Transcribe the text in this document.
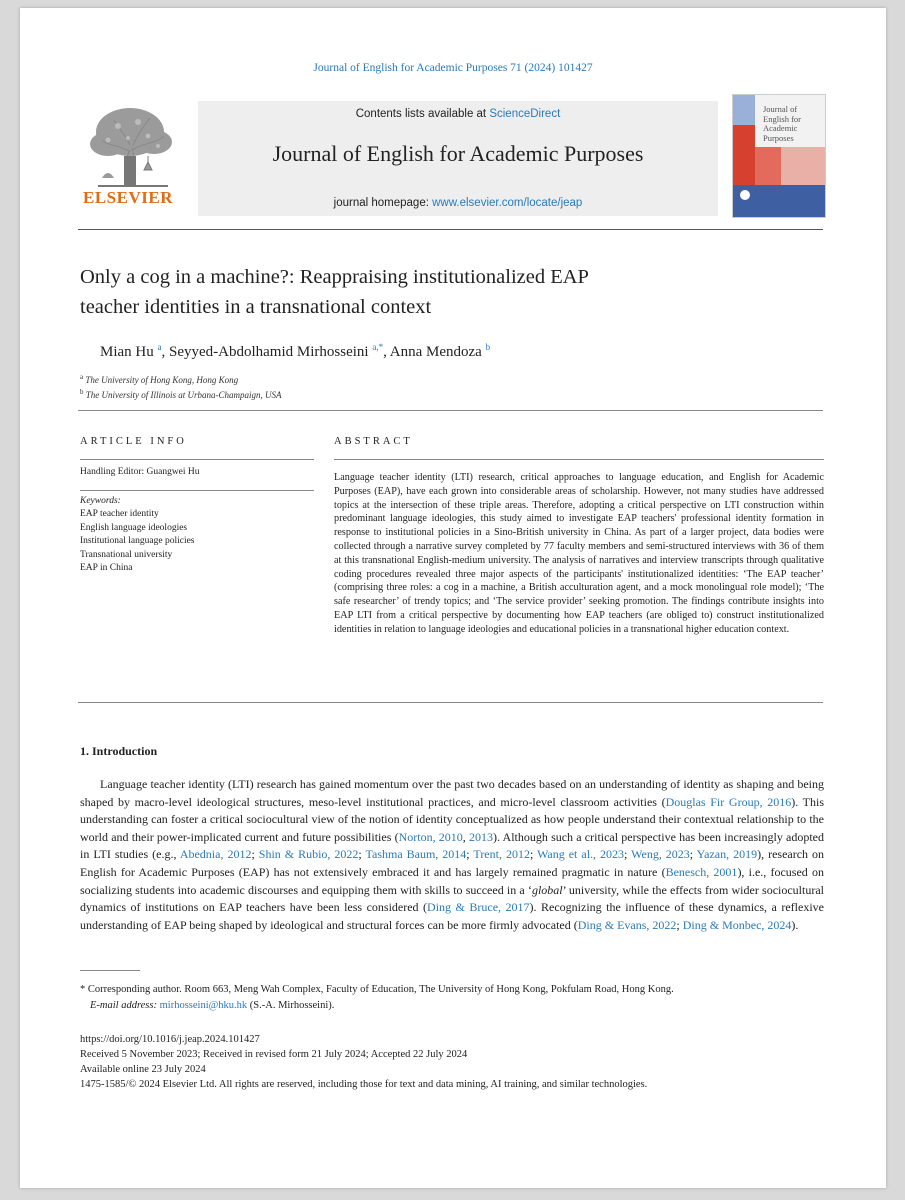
Journal of English for Academic Purposes 71 (2024) 101427
ELSEVIER
Contents lists available at ScienceDirect
Journal of English for Academic Purposes
journal homepage: www.elsevier.com/locate/jeap
Journal of
English for
Academic
Purposes
Only a cog in a machine?: Reappraising institutionalized EAP
teacher identities in a transnational context
Mian Hu $^a$, Seyyed-Abdolhamid Mirhosseini $^{a,*}$, Anna Mendoza $^b$
$^a$ The University of Hong Kong, Hong Kong
$^b$ The University of Illinois at Urbana-Champaign, USA
ARTICLE INFO
Handling Editor: Guangwei Hu
Keywords:
EAP teacher identity
English language ideologies
Institutional language policies
Transnational university
EAP in China
ABSTRACT
Language teacher identity (LTI) research, critical approaches to language education, and English for Academic Purposes (EAP), have each grown into considerable areas of scholarship. However, not many studies have addressed topics at the intersection of these triple areas. Therefore, adopting a critical perspective on LTI construction within predominant language ideologies, this study aimed to investigate EAP teachers' professional identity formation in response to institutional policies in a Sino-British university in China. As part of a larger project, data bodies were collected through a narrative survey completed by 77 faculty members and semi-structured interviews with 36 of them at this transnational English-medium university. The analysis of narratives and interview transcripts through qualitative coding procedures revealed three major aspects of the participants' institutionalized identities: ‘The EAP teacher’ (comprising three roles: a cog in a machine, a British acculturation agent, and a mock monolingual role model); ‘The safe researcher’ of trendy topics; and ‘The service provider’ seeking promotion. The findings contribute insights into EAP LTI from a critical perspective by documenting how EAP teachers (are obliged to) construct institutionalized identities in relation to language ideologies and educational policies in a transnational higher education context.
1. Introduction
Language teacher identity (LTI) research has gained momentum over the past two decades based on an understanding of identity as shaping and being shaped by macro-level ideological structures, meso-level institutional practices, and micro-level classroom activities (Douglas Fir Group, 2016). This understanding can foster a critical sociocultural view of the notion of identity conceptualized as how people understand their contextual relationship to the world and their power-implicated current and future possibilities (Norton, 2010, 2013). Although such a critical perspective has been increasingly adopted in LTI studies (e.g., Abednia, 2012; Shin & Rubio, 2022; Tashma Baum, 2014; Trent, 2012; Wang et al., 2023; Weng, 2023; Yazan, 2019), research on English for Academic Purposes (EAP) has not extensively embraced it and has largely remained pragmatic in nature (Benesch, 2001), i.e., focused on socializing students into academic discourses and equipping them with skills to succeed in a ‘global’ university, while the effects from wider sociocultural dynamics of institutions on EAP teachers have been less considered (Ding & Bruce, 2017). Recognizing the influence of these dynamics, a reflexive understanding of EAP being shaped by ideological and structural forces can be more firmly advocated (Ding & Evans, 2022; Ding & Monbec, 2024).
* Corresponding author. Room 663, Meng Wah Complex, Faculty of Education, The University of Hong Kong, Pokfulam Road, Hong Kong.
E-mail address: mirhosseini@hku.hk (S.-A. Mirhosseini).
https://doi.org/10.1016/j.jeap.2024.101427
Received 5 November 2023; Received in revised form 21 July 2024; Accepted 22 July 2024
Available online 23 July 2024
1475-1585/© 2024 Elsevier Ltd. All rights are reserved, including those for text and data mining, AI training, and similar technologies.
